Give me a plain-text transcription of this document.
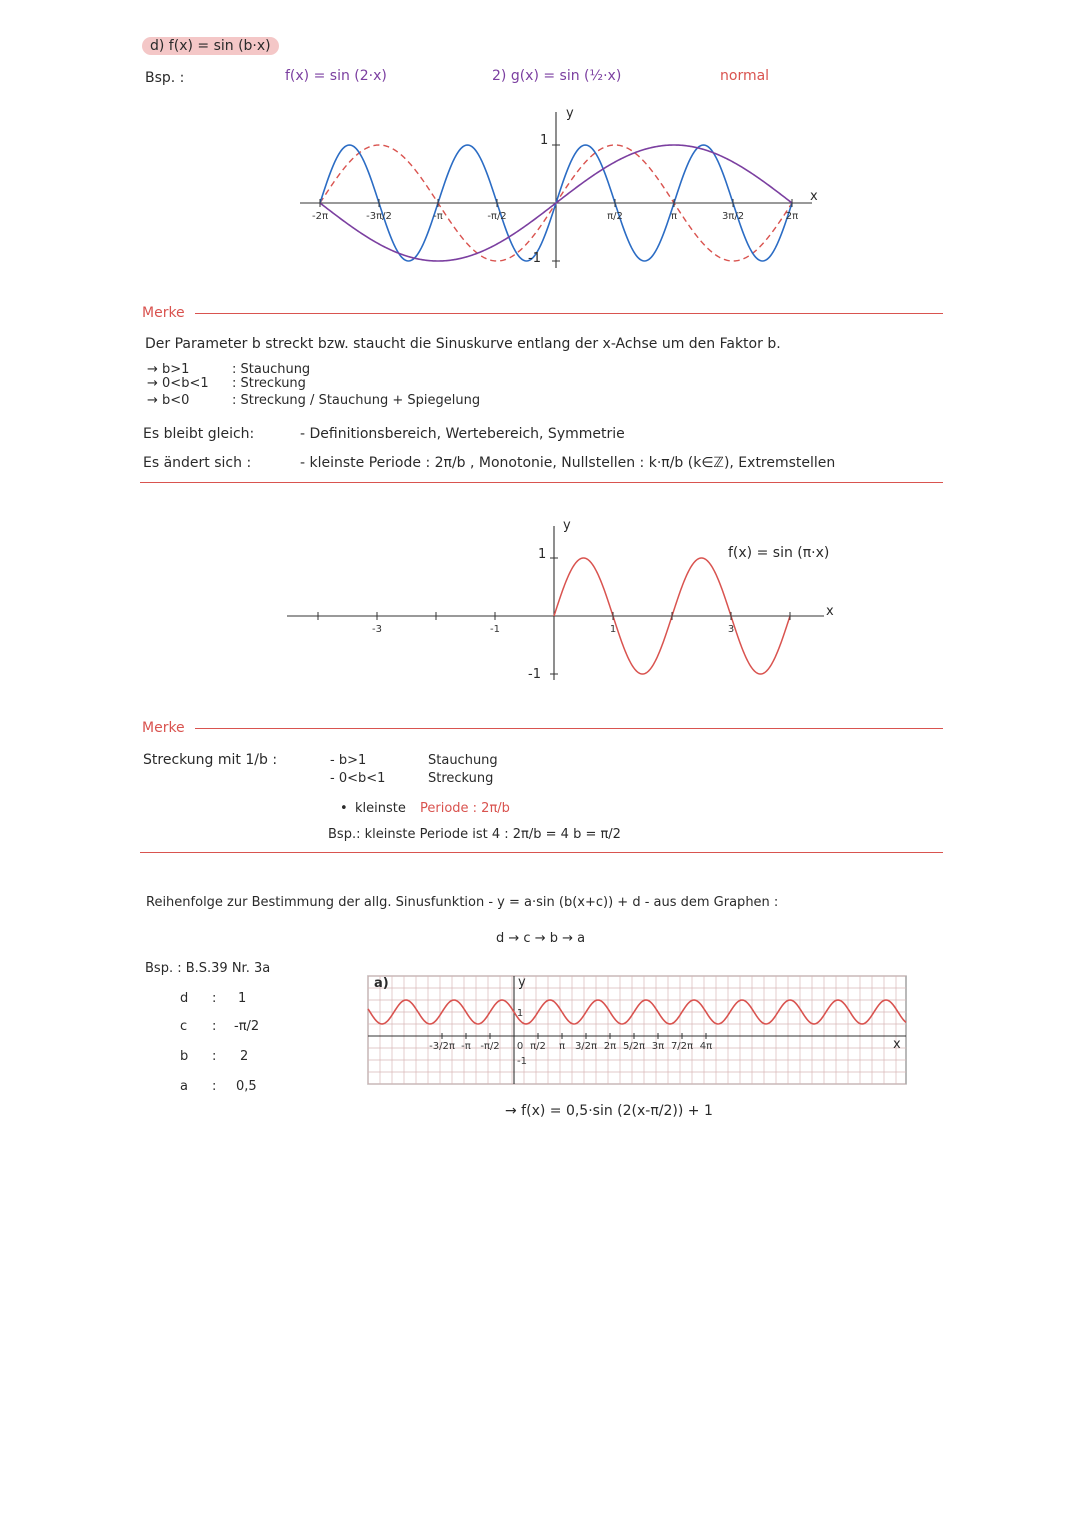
d) f(x) = sin (b·x)
Bsp. :	f(x) = sin (2·x)	2) g(x) = sin (½·x)	normal
-2π	-3π/2	-π	-π/2	π/2	π	3π/2	2π
y
x
1
-1
Merke
Der Parameter b streckt bzw. staucht die Sinuskurve entlang der x-Achse um den Faktor b.
→ b>1	: Stauchung
→ 0<b<1 : Streckung
→ b<0	: Streckung / Stauchung + Spiegelung
Es bleibt gleich:	- Definitionsbereich, Wertebereich, Symmetrie
Es ändert sich :	- kleinste Periode : 2π/b , Monotonie, Nullstellen : k·π/b (k∈ℤ), Extremstellen
-3	-1	1	3
y
x
1
-1
f(x) = sin (π·x)
Merke
Streckung mit 1/b :	- b>1	Stauchung
- 0<b<1	Streckung
• kleinste Periode : 2π/b
Bsp.: kleinste Periode ist 4 : 2π/b = 4 b = π/2
Reihenfolge zur Bestimmung der allg. Sinusfunktion - y = a·sin (b(x+c)) + d - aus dem Graphen :
d → c → b → a
Bsp. : B.S.39 Nr. 3a
d : 1
c : -π/2
b : 2
a : 0,5
-3/2π -π -π/2 0 π/2 π 3/2π 2π 5/2π 3π 7/2π 4π
1
-1
a)	y
x
→ f(x) = 0,5·sin (2(x-π/2)) + 1
